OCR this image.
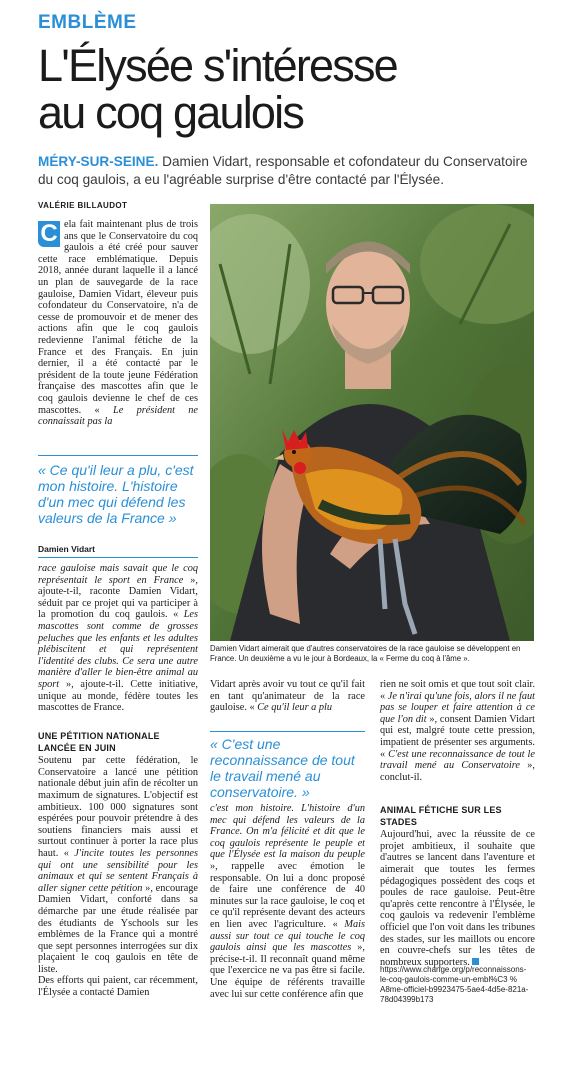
EMBLÈME
L'Élysée s'intéresse
au coq gaulois

MÉRY-SUR-SEINE. Damien Vidart, responsable et cofondateur du Conservatoire du coq gaulois, a eu l'agréable surprise d'être contacté par l'Élysée.

VALÉRIE BILLAUDOT
C ela fait maintenant plus de trois ans que le Conservatoire du coq gaulois a été créé pour sauver cette race emblématique. Depuis 2018, année durant laquelle il a lancé un plan de sauvegarde de la race gauloise, Damien Vidart, éleveur puis cofondateur du Conservatoire, n'a de cesse de promouvoir et de mener des actions afin que le coq gaulois redevienne l'animal fétiche de la France et des Français. En juin dernier, il a été contacté par le président de la toute jeune Fédération française des mascottes afin que le coq gaulois devienne le chef de ces mascottes. « Le président ne connaissait pas la
« Ce qu'il leur a plu, c'est mon histoire. L'histoire d'un mec qui défend les valeurs de la France »
Damien Vidart
race gauloise mais savait que le coq représentait le sport en France », ajoute-t-il, raconte Damien Vidart, séduit par ce projet qui va participer à la promotion du coq gaulois. « Les mascottes sont comme de grosses peluches que les enfants et les adultes plébiscitent et qui représentent l'identité des clubs. Ce sera une autre manière d'aller le bien-être animal au sport », ajoute-t-il. Cette initiative, unique au monde, fédère toutes les mascottes de France.
UNE PÉTITION NATIONALE LANCÉE EN JUIN
Soutenu par cette fédération, le Conservatoire a lancé une pétition nationale début juin afin de récolter un maximum de signatures. L'objectif est ambitieux. 100 000 signatures sont espérées pour pouvoir prétendre à des soutiens financiers mais aussi et surtout continuer à porter la race plus haut. « J'incite toutes les personnes qui ont une sensibilité pour les animaux et qui se sentent Français à aller signer cette pétition », encourage Damien Vidart, conforté dans sa démarche par une étude réalisée par des étudiants de Yschools sur les emblèmes de la France qui a montré que sept personnes interrogées sur dix plaçaient le coq gaulois en tête de liste.
Des efforts qui paient, car récemment, l'Élysée a contacté Damien
Damien Vidart aimerait que d'autres conservatoires de la race gauloise se développent en France. Un deuxième a vu le jour à Bordeaux, la « Ferme du coq à l'âme ».
Vidart après avoir vu tout ce qu'il fait en tant qu'animateur de la race gauloise. « Ce qu'il leur a plu
« C'est une reconnaissance de tout le travail mené au conservatoire. »
c'est mon histoire. L'histoire d'un mec qui défend les valeurs de la France. On m'a félicité et dit que le coq gaulois représente le peuple et que l'Élysée est la maison du peuple », rappelle avec émotion le responsable. On lui a donc proposé de faire une conférence de 40 minutes sur la race gauloise, le coq et ce qu'il représente devant des acteurs en lien avec l'agriculture. « Mais aussi sur tout ce qui touche le coq gaulois ainsi que les mascottes », précise-t-il. Il reconnaît quand même que l'exercice ne va pas être si facile. Une équipe de référents travaille avec lui sur cette conférence afin que
rien ne soit omis et que tout soit clair. « Je n'irai qu'une fois, alors il ne faut pas se louper et faire attention à ce que l'on dit », consent Damien Vidart qui est, malgré toute cette pression, impatient de présenter ses arguments. « C'est une reconnaissance de tout le travail mené au Conservatoire », conclut-il.
ANIMAL FÉTICHE SUR LES STADES
Aujourd'hui, avec la réussite de ce projet ambitieux, il souhaite que d'autres se lancent dans l'aventure et aimerait que toutes les fermes pédagogiques possèdent des coqs et poules de race gauloise. Peut-être qu'après cette rencontre à l'Élysée, le coq gaulois va redevenir l'emblème officiel que l'on voit dans les tribunes des stades, sur les maillots ou encore en couvre-chefs sur les têtes de nombreux supporters.
https://www.change.org/p/reconnaissons-le-coq-gaulois-comme-un-embl%C3 % A8me-officiel-b9923475-5ae4-4d5e-821a-78d04399b173
